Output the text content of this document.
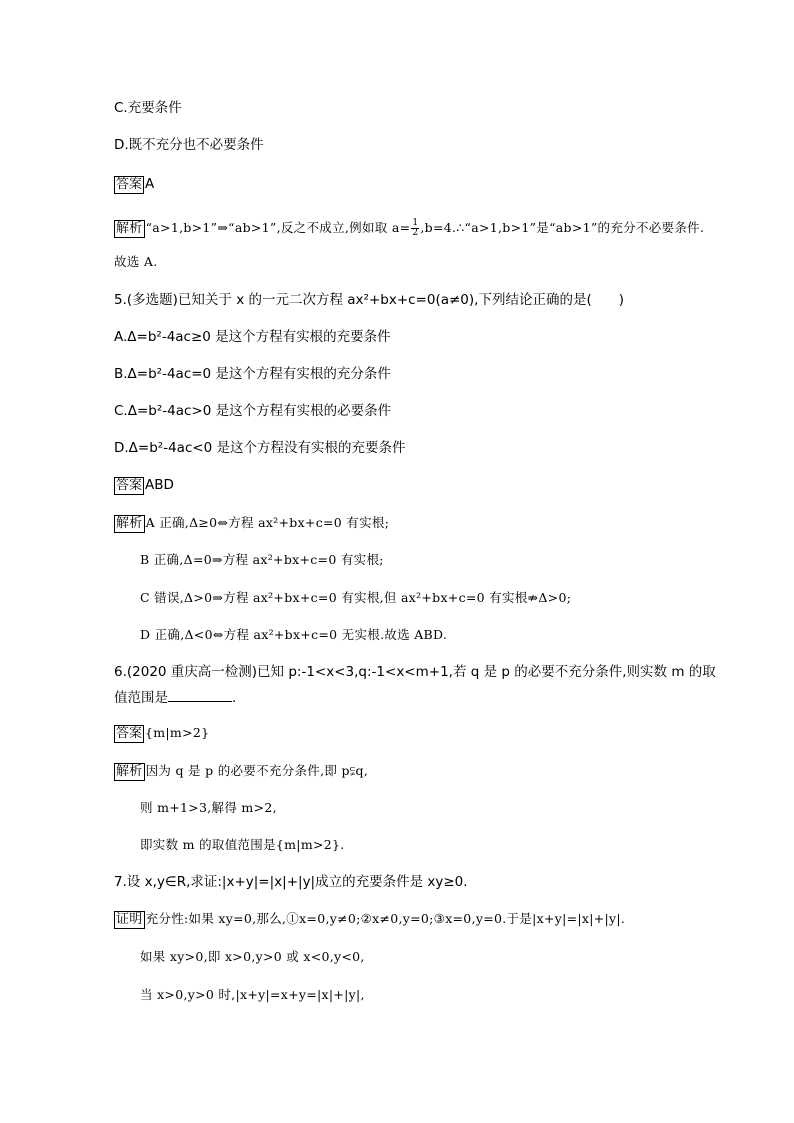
C.充要条件
D.既不充分也不必要条件
答案 A
解析 “a>1,b>1”⇒“ab>1”,反之不成立,例如取 $a= \frac{1}{2}$ ,b=4.∴“a>1,b>1”是“ab>1”的充分不必要条件.
故选 A.
5.(多选题)已知关于 x 的一元二次方程 ax²+bx+c=0(a≠0),下列结论正确的是(　　)
A.Δ=b²-4ac≥0 是这个方程有实根的充要条件
B.Δ=b²-4ac=0 是这个方程有实根的充分条件
C.Δ=b²-4ac>0 是这个方程有实根的必要条件
D.Δ=b²-4ac<0 是这个方程没有实根的充要条件
答案 ABD
解析 A 正确,Δ≥0⇔方程 ax²+bx+c=0 有实根;
B 正确,Δ=0⇒方程 ax²+bx+c=0 有实根;
C 错误,Δ>0⇒方程 ax²+bx+c=0 有实根,但 ax²+bx+c=0 有实根⇏Δ>0;
D 正确,Δ<0⇔方程 ax²+bx+c=0 无实根.故选 ABD.
6.(2020 重庆高一检测)已知 p:-1<x<3,q:-1<x<m+1,若 q 是 p 的必要不充分条件,则实数 m 的取
值范围是	.
答案 {m|m>2}
解析 因为 q 是 p 的必要不充分条件,即 p⫋q,
则 m+1>3,解得 m>2,
即实数 m 的取值范围是{m|m>2}.
7.设 x,y∈R,求证:|x+y|=|x|+|y|成立的充要条件是 xy≥0.
证明 充分性:如果 xy=0,那么,①x=0,y≠0;②x≠0,y=0;③x=0,y=0.于是|x+y|=|x|+|y|.
如果 xy>0,即 x>0,y>0 或 x<0,y<0,
当 x>0,y>0 时,|x+y|=x+y=|x|+|y|,
